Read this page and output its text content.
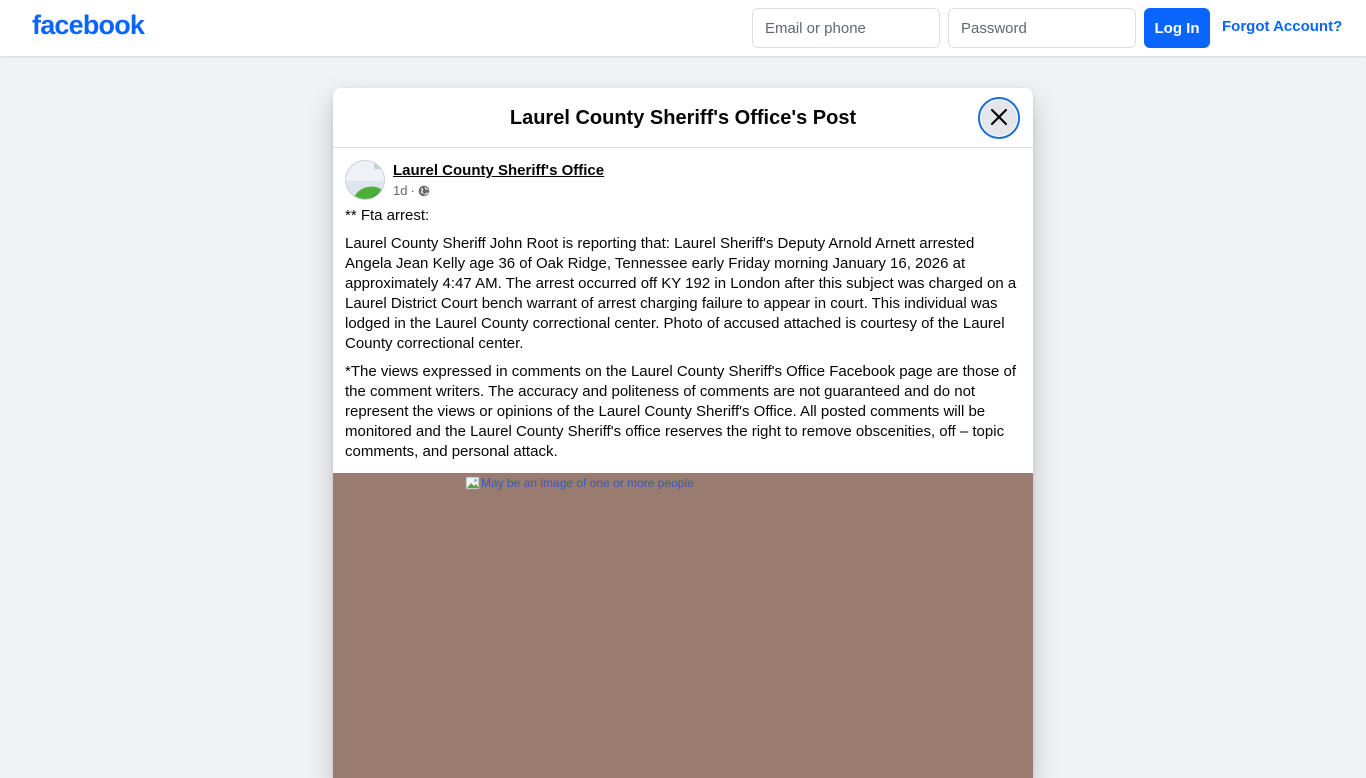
facebook
Email or phone	Log In	Forgot Account?
Laurel County Sheriff's Office's Post
Laurel County Sheriff's Office
1d ·

** Fta arrest:

Laurel County Sheriff John Root is reporting that: Laurel Sheriff's Deputy Arnold Arnett arrested Angela Jean Kelly age 36 of Oak Ridge, Tennessee early Friday morning January 16, 2026 at approximately 4:47 AM. The arrest occurred off KY 192 in London after this subject was charged on a Laurel District Court bench warrant of arrest charging failure to appear in court. This individual was lodged in the Laurel County correctional center. Photo of accused attached is courtesy of the Laurel County correctional center.

*The views expressed in comments on the Laurel County Sheriff's Office Facebook page are those of the comment writers. The accuracy and politeness of comments are not guaranteed and do not represent the views or opinions of the Laurel County Sheriff's Office. All posted comments will be monitored and the Laurel County Sheriff's office reserves the right to remove obscenities, off – topic comments, and personal attack.

May be an image of one or more people
